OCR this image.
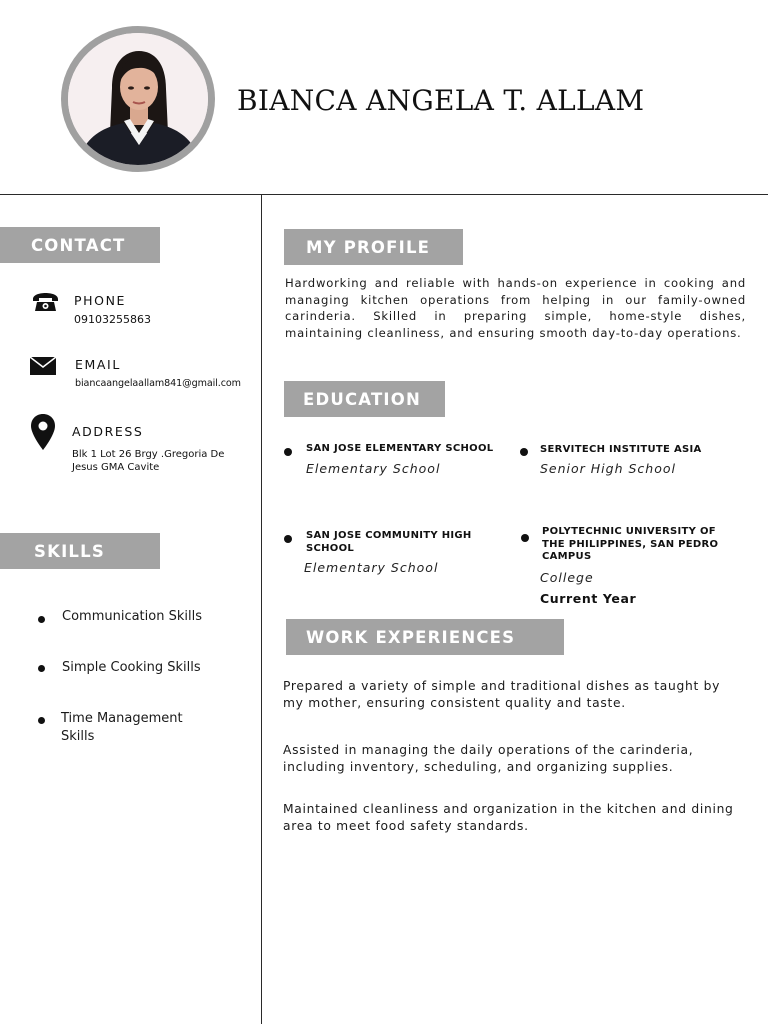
BIANCA ANGELA T. ALLAM
CONTACT
PHONE
09103255863
EMAIL
biancaangelaallam841@gmail.com
ADDRESS
Blk 1 Lot 26 Brgy .Gregoria De Jesus GMA Cavite
SKILLS
Communication Skills
Simple Cooking Skills
Time Management Skills
MY PROFILE
Hardworking and reliable with hands-on experience in cooking and managing kitchen operations from helping in our family-owned carinderia. Skilled in preparing simple, home-style dishes, maintaining cleanliness, and ensuring smooth day-to-day operations.
EDUCATION
SAN JOSE ELEMENTARY SCHOOL
Elementary School
SERVITECH INSTITUTE ASIA
Senior High School
SAN JOSE COMMUNITY HIGH SCHOOL
Elementary School
POLYTECHNIC UNIVERSITY OF THE PHILIPPINES, SAN PEDRO CAMPUS
College
Current Year
WORK EXPERIENCES
Prepared a variety of simple and traditional dishes as taught by my mother, ensuring consistent quality and taste.
Assisted in managing the daily operations of the carinderia, including inventory, scheduling, and organizing supplies.
Maintained cleanliness and organization in the kitchen and dining area to meet food safety standards.
